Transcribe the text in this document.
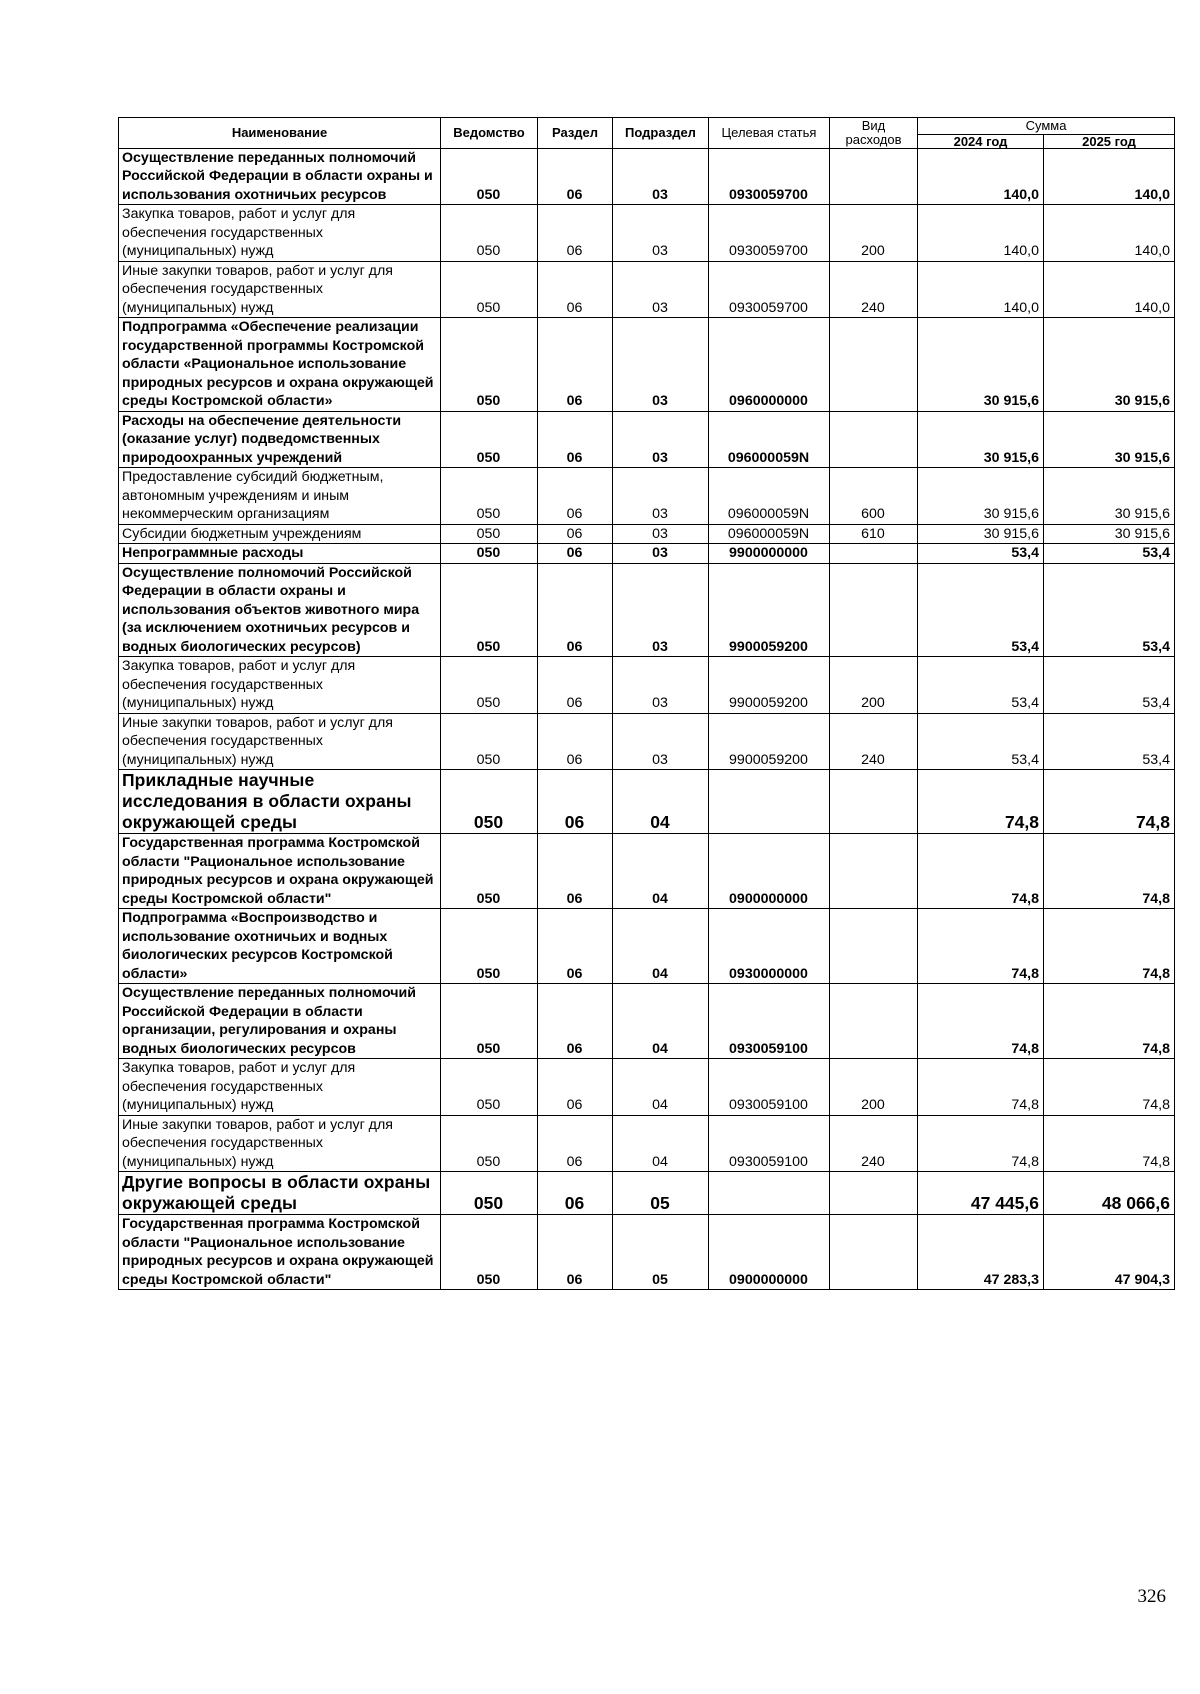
Наименование	Ведомство	Раздел	Подраздел	Целевая статья	Вид расходов	Сумма	
						2024 год	2025 год
Осуществление переданных полномочий Российской Федерации в области охраны и использования охотничьих ресурсов	050	06	03	0930059700		140,0	140,0
Закупка товаров, работ и услуг для обеспечения государственных (муниципальных) нужд	050	06	03	0930059700	200	140,0	140,0
Иные закупки товаров, работ и услуг для обеспечения государственных (муниципальных) нужд	050	06	03	0930059700	240	140,0	140,0
Подпрограмма «Обеспечение реализации государственной программы Костромской области «Рациональное использование природных ресурсов и охрана окружающей среды Костромской области»	050	06	03	0960000000		30 915,6	30 915,6
Расходы на обеспечение деятельности (оказание услуг) подведомственных природоохранных учреждений	050	06	03	096000059N		30 915,6	30 915,6
Предоставление субсидий бюджетным, автономным учреждениям и иным некоммерческим организациям	050	06	03	096000059N	600	30 915,6	30 915,6
Субсидии бюджетным учреждениям	050	06	03	096000059N	610	30 915,6	30 915,6
Непрограммные расходы	050	06	03	9900000000		53,4	53,4
Осуществление полномочий Российской Федерации в области охраны и использования объектов животного мира (за исключением охотничьих ресурсов и водных биологических ресурсов)	050	06	03	9900059200		53,4	53,4
Закупка товаров, работ и услуг для обеспечения государственных (муниципальных) нужд	050	06	03	9900059200	200	53,4	53,4
Иные закупки товаров, работ и услуг для обеспечения государственных (муниципальных) нужд	050	06	03	9900059200	240	53,4	53,4
Прикладные научные исследования в области охраны окружающей среды	050	06	04			74,8	74,8
Государственная программа Костромской области "Рациональное использование природных ресурсов и охрана окружающей среды Костромской области"	050	06	04	0900000000		74,8	74,8
Подпрограмма «Воспроизводство и использование охотничьих и водных биологических ресурсов Костромской области»	050	06	04	0930000000		74,8	74,8
Осуществление переданных полномочий Российской Федерации в области организации, регулирования и охраны водных биологических ресурсов	050	06	04	0930059100		74,8	74,8
Закупка товаров, работ и услуг для обеспечения государственных (муниципальных) нужд	050	06	04	0930059100	200	74,8	74,8
Иные закупки товаров, работ и услуг для обеспечения государственных (муниципальных) нужд	050	06	04	0930059100	240	74,8	74,8
Другие вопросы в области охраны окружающей среды	050	06	05			47 445,6	48 066,6
Государственная программа Костромской области "Рациональное использование природных ресурсов и охрана окружающей среды Костромской области"	050	06	05	0900000000		47 283,3	47 904,3
326
